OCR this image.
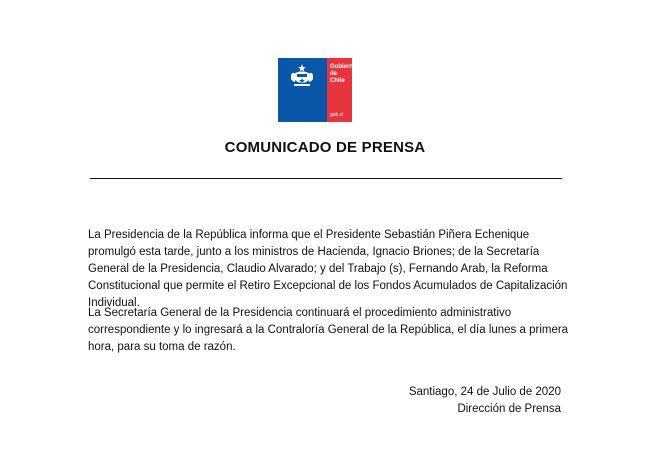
Gobierno de Chile
gob.cl
COMUNICADO DE PRENSA

La Presidencia de la República informa que el Presidente Sebastián Piñera Echenique promulgó esta tarde, junto a los ministros de Hacienda, Ignacio Briones; de la Secretaría General de la Presidencia, Claudio Alvarado; y del Trabajo (s), Fernando Arab, la Reforma Constitucional que permite el Retiro Excepcional de los Fondos Acumulados de Capitalización Individual.

La Secretaría General de la Presidencia continuará el procedimiento administrativo correspondiente y lo ingresará a la Contraloría General de la República, el día lunes a primera hora, para su toma de razón.

Santiago, 24 de Julio de 2020
Dirección de Prensa
